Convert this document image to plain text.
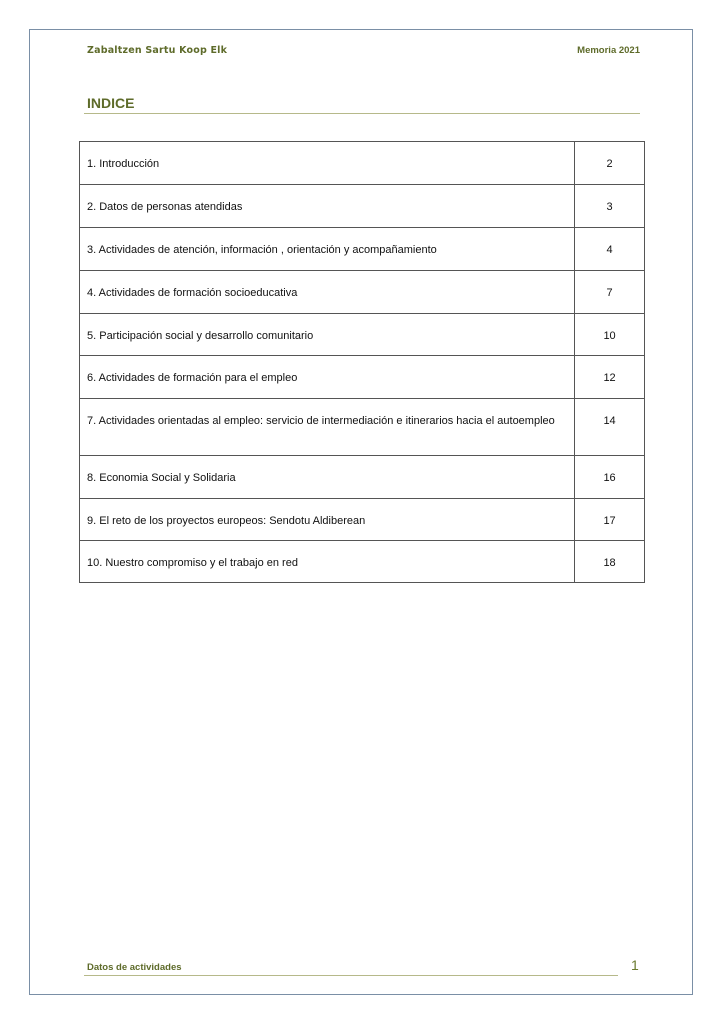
Zabaltzen Sartu Koop Elk	Memoria 2021
INDICE
1. Introducción	2
2. Datos de personas atendidas	3
3. Actividades de atención, información , orientación y acompañamiento	4
4. Actividades de formación socioeducativa	7
5. Participación social y desarrollo comunitario	10
6. Actividades de formación para el empleo	12
7. Actividades orientadas al empleo: servicio de intermediación e itinerarios hacia el autoempleo	14
8. Economia Social y Solidaria	16
9. El reto de los proyectos europeos: Sendotu Aldiberean	17
10. Nuestro compromiso y el trabajo en red	18
Datos de actividades	1
